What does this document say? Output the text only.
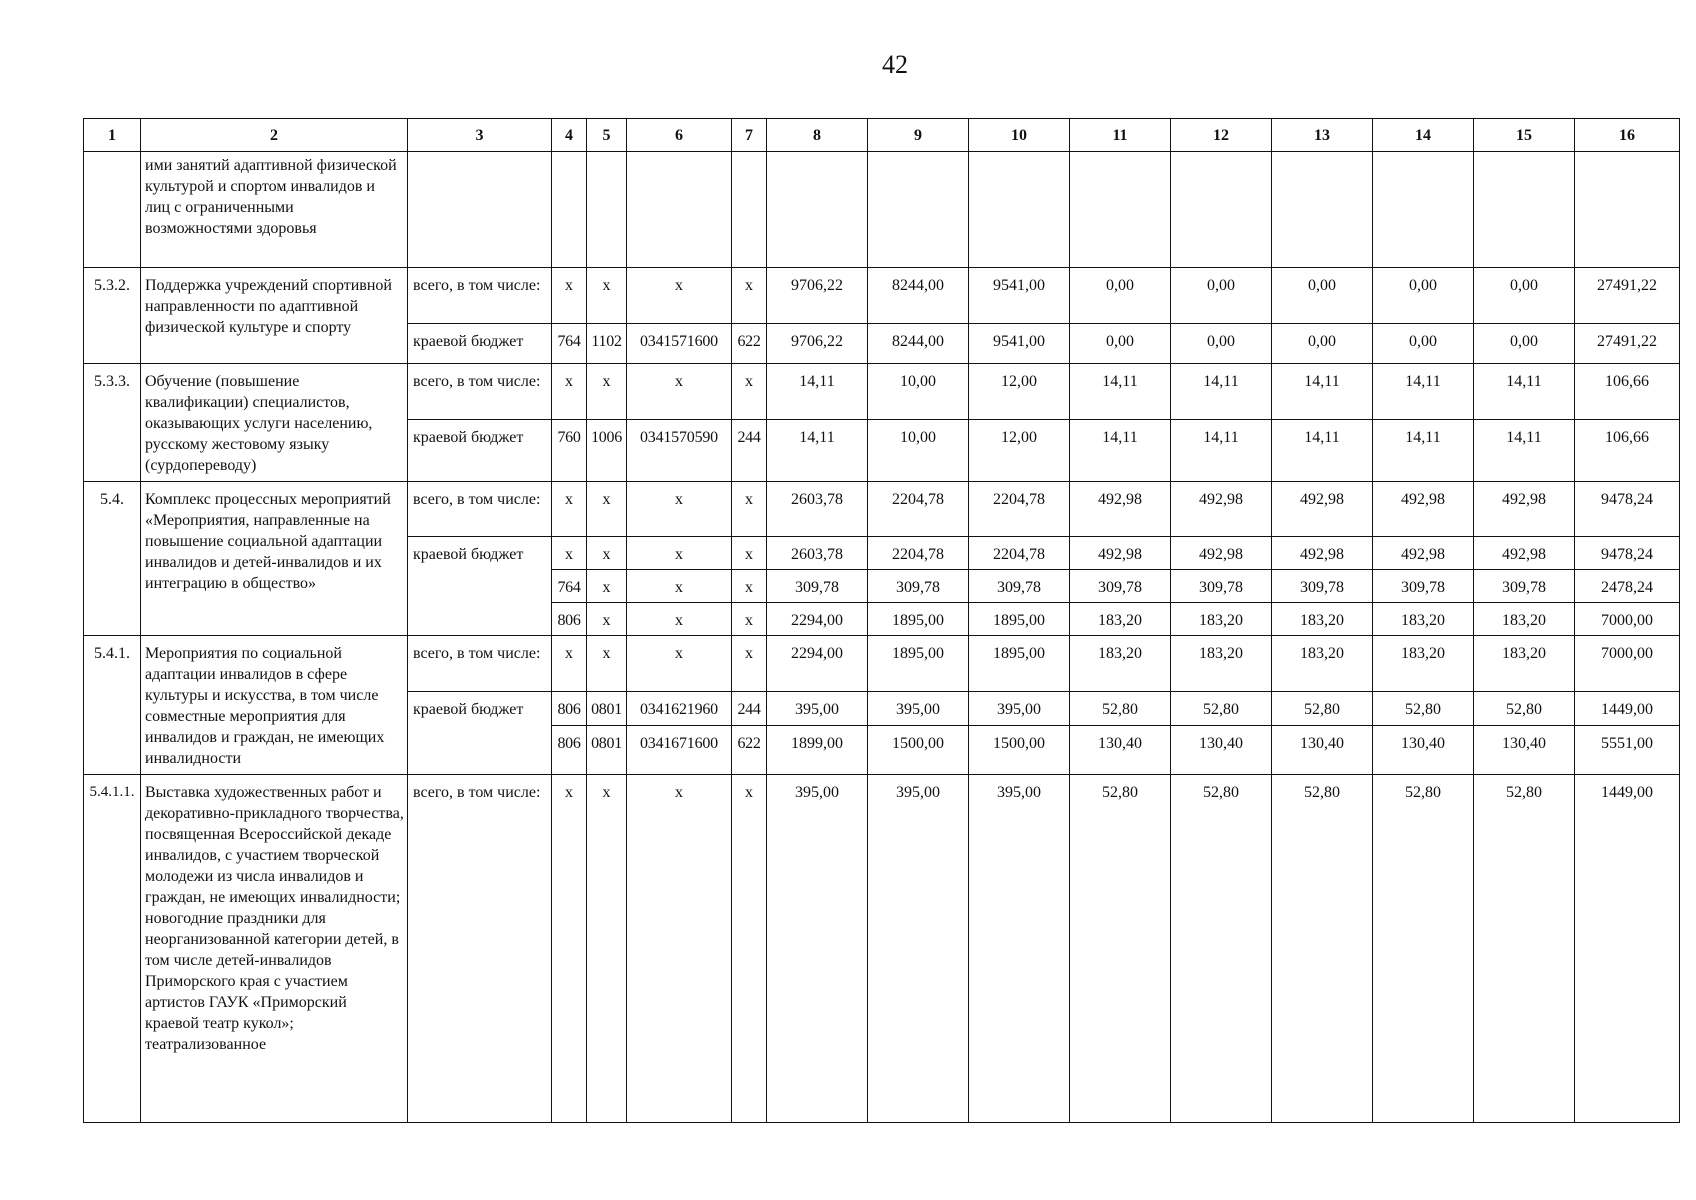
42
1	2	3	4	5	6	7	8	9	10	11	12	13	14	15	16
	ими занятий адаптивной физической культурой и спортом инвалидов и лиц с ограниченными возможностями здоровья														
5.3.2.	Поддержка учреждений спортивной направленности по адаптивной физической культуре и спорту	всего, в том числе:	x	x	x	x	9706,22	8244,00	9541,00	0,00	0,00	0,00	0,00	0,00	27491,22
		краевой бюджет	764	1102	0341571600	622	9706,22	8244,00	9541,00	0,00	0,00	0,00	0,00	0,00	27491,22
5.3.3.	Обучение (повышение квалификации) специалистов, оказывающих услуги населению, русскому жестовому языку (сурдопереводу)	всего, в том числе:	x	x	x	x	14,11	10,00	12,00	14,11	14,11	14,11	14,11	14,11	106,66
		краевой бюджет	760	1006	0341570590	244	14,11	10,00	12,00	14,11	14,11	14,11	14,11	14,11	106,66
5.4.	Комплекс процессных мероприятий «Мероприятия, направленные на повышение социальной адаптации инвалидов и детей-инвалидов и их интеграцию в общество»	всего, в том числе:	x	x	x	x	2603,78	2204,78	2204,78	492,98	492,98	492,98	492,98	492,98	9478,24
		краевой бюджет	x	x	x	x	2603,78	2204,78	2204,78	492,98	492,98	492,98	492,98	492,98	9478,24
			764	x	x	x	309,78	309,78	309,78	309,78	309,78	309,78	309,78	309,78	2478,24
			806	x	x	x	2294,00	1895,00	1895,00	183,20	183,20	183,20	183,20	183,20	7000,00
5.4.1.	Мероприятия по социальной адаптации инвалидов в сфере культуры и искусства, в том числе совместные мероприятия для инвалидов и граждан, не имеющих инвалидности	всего, в том числе:	x	x	x	x	2294,00	1895,00	1895,00	183,20	183,20	183,20	183,20	183,20	7000,00
		краевой бюджет	806	0801	0341621960	244	395,00	395,00	395,00	52,80	52,80	52,80	52,80	52,80	1449,00
			806	0801	0341671600	622	1899,00	1500,00	1500,00	130,40	130,40	130,40	130,40	130,40	5551,00
5.4.1.1.	Выставка художественных работ и декоративно-прикладного творчества, посвященная Всероссийской декаде инвалидов, с участием творческой молодежи из числа инвалидов и граждан, не имеющих инвалидности; новогодние праздники для неорганизованной категории детей, в том числе детей-инвалидов Приморского края с участием артистов ГАУК «Приморский краевой театр кукол»; театрализованное	всего, в том числе:	x	x	x	x	395,00	395,00	395,00	52,80	52,80	52,80	52,80	52,80	1449,00
